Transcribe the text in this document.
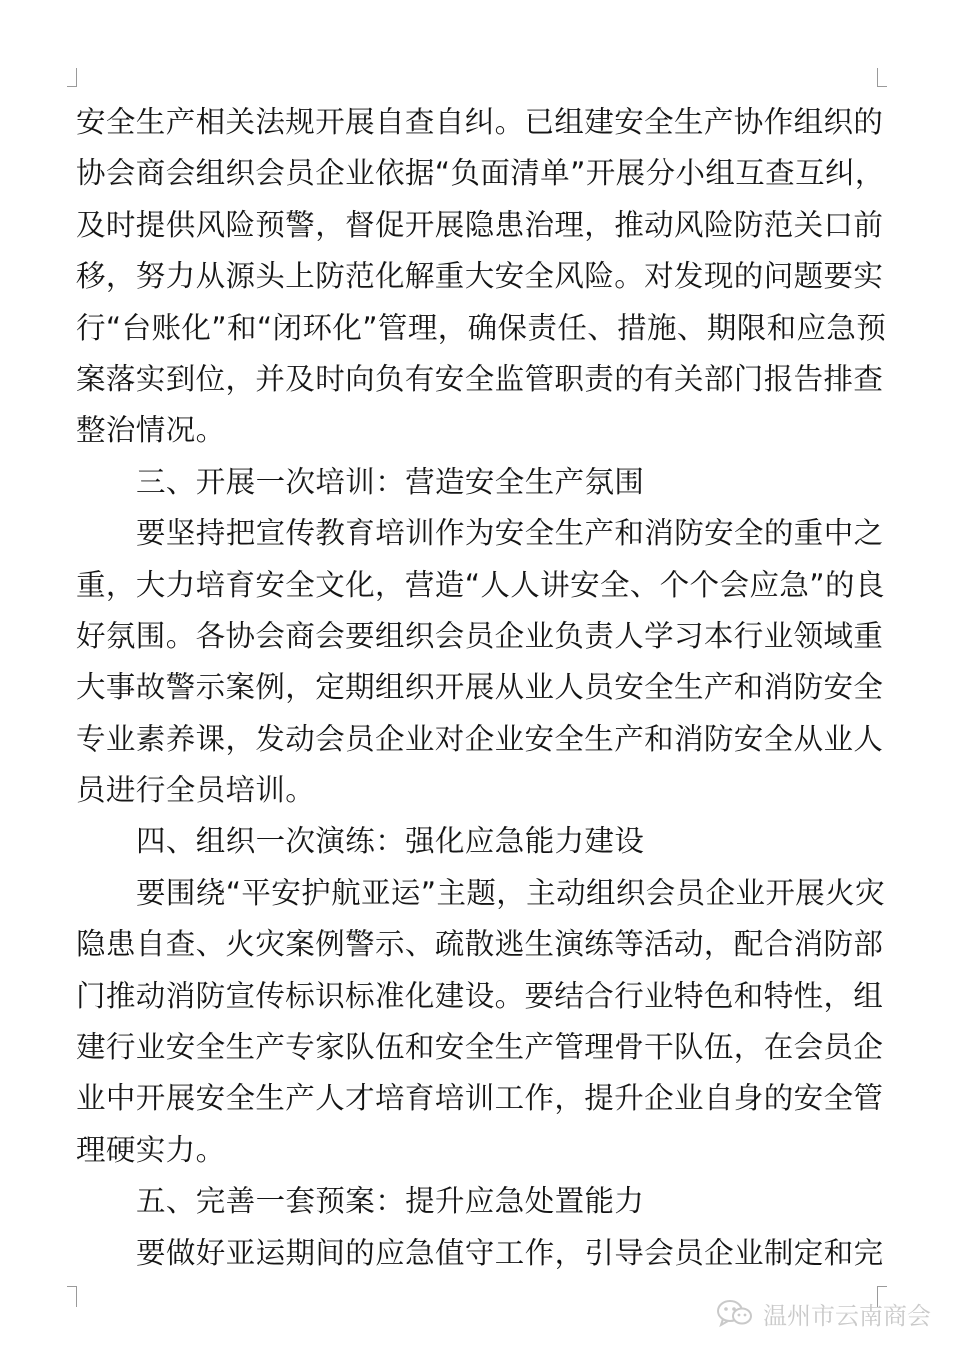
安全生产相关法规开展自查自纠。已组建安全生产协作组织的
协会商会组织会员企业依据“负面清单”开展分小组互查互纠，
及时提供风险预警，督促开展隐患治理，推动风险防范关口前
移，努力从源头上防范化解重大安全风险。对发现的问题要实
行“台账化”和“闭环化”管理，确保责任、措施、期限和应急预
案落实到位，并及时向负有安全监管职责的有关部门报告排查
整治情况。
三、开展一次培训：营造安全生产氛围
要坚持把宣传教育培训作为安全生产和消防安全的重中之
重，大力培育安全文化，营造“人人讲安全、个个会应急”的良
好氛围。各协会商会要组织会员企业负责人学习本行业领域重
大事故警示案例，定期组织开展从业人员安全生产和消防安全
专业素养课，发动会员企业对企业安全生产和消防安全从业人
员进行全员培训。
四、组织一次演练：强化应急能力建设
要围绕“平安护航亚运”主题，主动组织会员企业开展火灾
隐患自查、火灾案例警示、疏散逃生演练等活动，配合消防部
门推动消防宣传标识标准化建设。要结合行业特色和特性，组
建行业安全生产专家队伍和安全生产管理骨干队伍，在会员企
业中开展安全生产人才培育培训工作，提升企业自身的安全管
理硬实力。
五、完善一套预案：提升应急处置能力
要做好亚运期间的应急值守工作，引导会员企业制定和完
温州市云南商会
